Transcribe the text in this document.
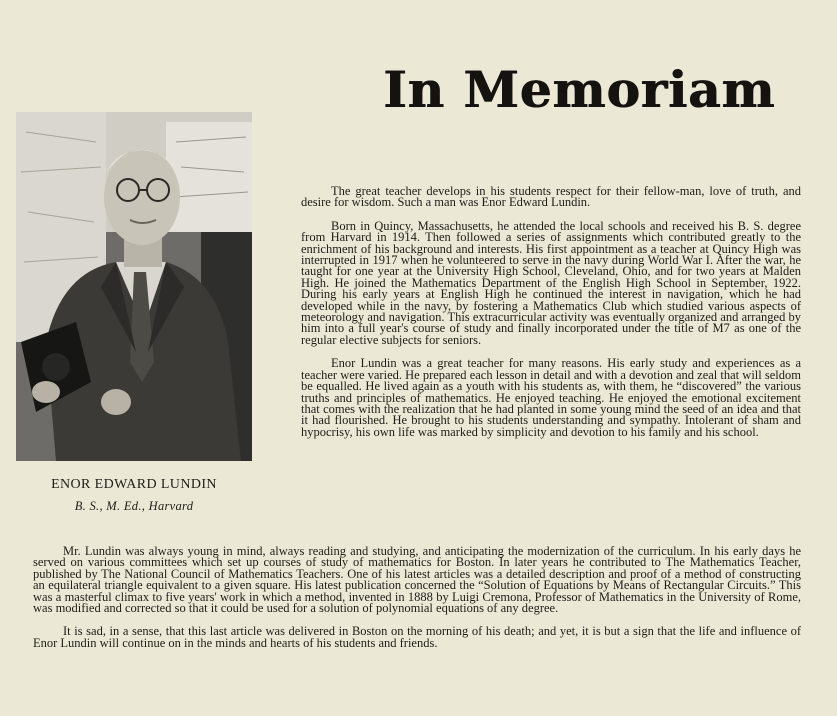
In Memoriam
ENOR EDWARD LUNDIN
B. S., M. Ed., Harvard

The great teacher develops in his students respect for their fellow-man, love of truth, and desire for wisdom. Such a man was Enor Edward Lundin.

Born in Quincy, Massachusetts, he attended the local schools and received his B. S. degree from Harvard in 1914. Then followed a series of assignments which contributed greatly to the enrichment of his background and interests. His first appointment as a teacher at Quincy High was interrupted in 1917 when he volunteered to serve in the navy during World War I. After the war, he taught for one year at the University High School, Cleveland, Ohio, and for two years at Malden High. He joined the Mathematics Department of the English High School in September, 1922. During his early years at English High he continued the interest in navigation, which he had developed while in the navy, by fostering a Mathematics Club which studied various aspects of meteorology and navigation. This extracurricular activity was eventually organized and arranged by him into a full year's course of study and finally incorporated under the title of M7 as one of the regular elective subjects for seniors.

Enor Lundin was a great teacher for many reasons. His early study and experiences as a teacher were varied. He prepared each lesson in detail and with a devotion and zeal that will seldom be equalled. He lived again as a youth with his students as, with them, he “discovered” the various truths and principles of mathematics. He enjoyed teaching. He enjoyed the emotional excitement that comes with the realization that he had planted in some young mind the seed of an idea and that it had flourished. He brought to his students understanding and sympathy. Intolerant of sham and hypocrisy, his own life was marked by simplicity and devotion to his family and his school.

Mr. Lundin was always young in mind, always reading and studying, and anticipating the modernization of the curriculum. In his early days he served on various committees which set up courses of study of mathematics for Boston. In later years he contributed to The Mathematics Teacher, published by The National Council of Mathematics Teachers. One of his latest articles was a detailed description and proof of a method of constructing an equilateral triangle equivalent to a given square. His latest publication concerned the “Solution of Equations by Means of Rectangular Circuits.” This was a masterful climax to five years' work in which a method, invented in 1888 by Luigi Cremona, Professor of Mathematics in the University of Rome, was modified and corrected so that it could be used for a solution of polynomial equations of any degree.

It is sad, in a sense, that this last article was delivered in Boston on the morning of his death; and yet, it is but a sign that the life and influence of Enor Lundin will continue on in the minds and hearts of his students and friends.
